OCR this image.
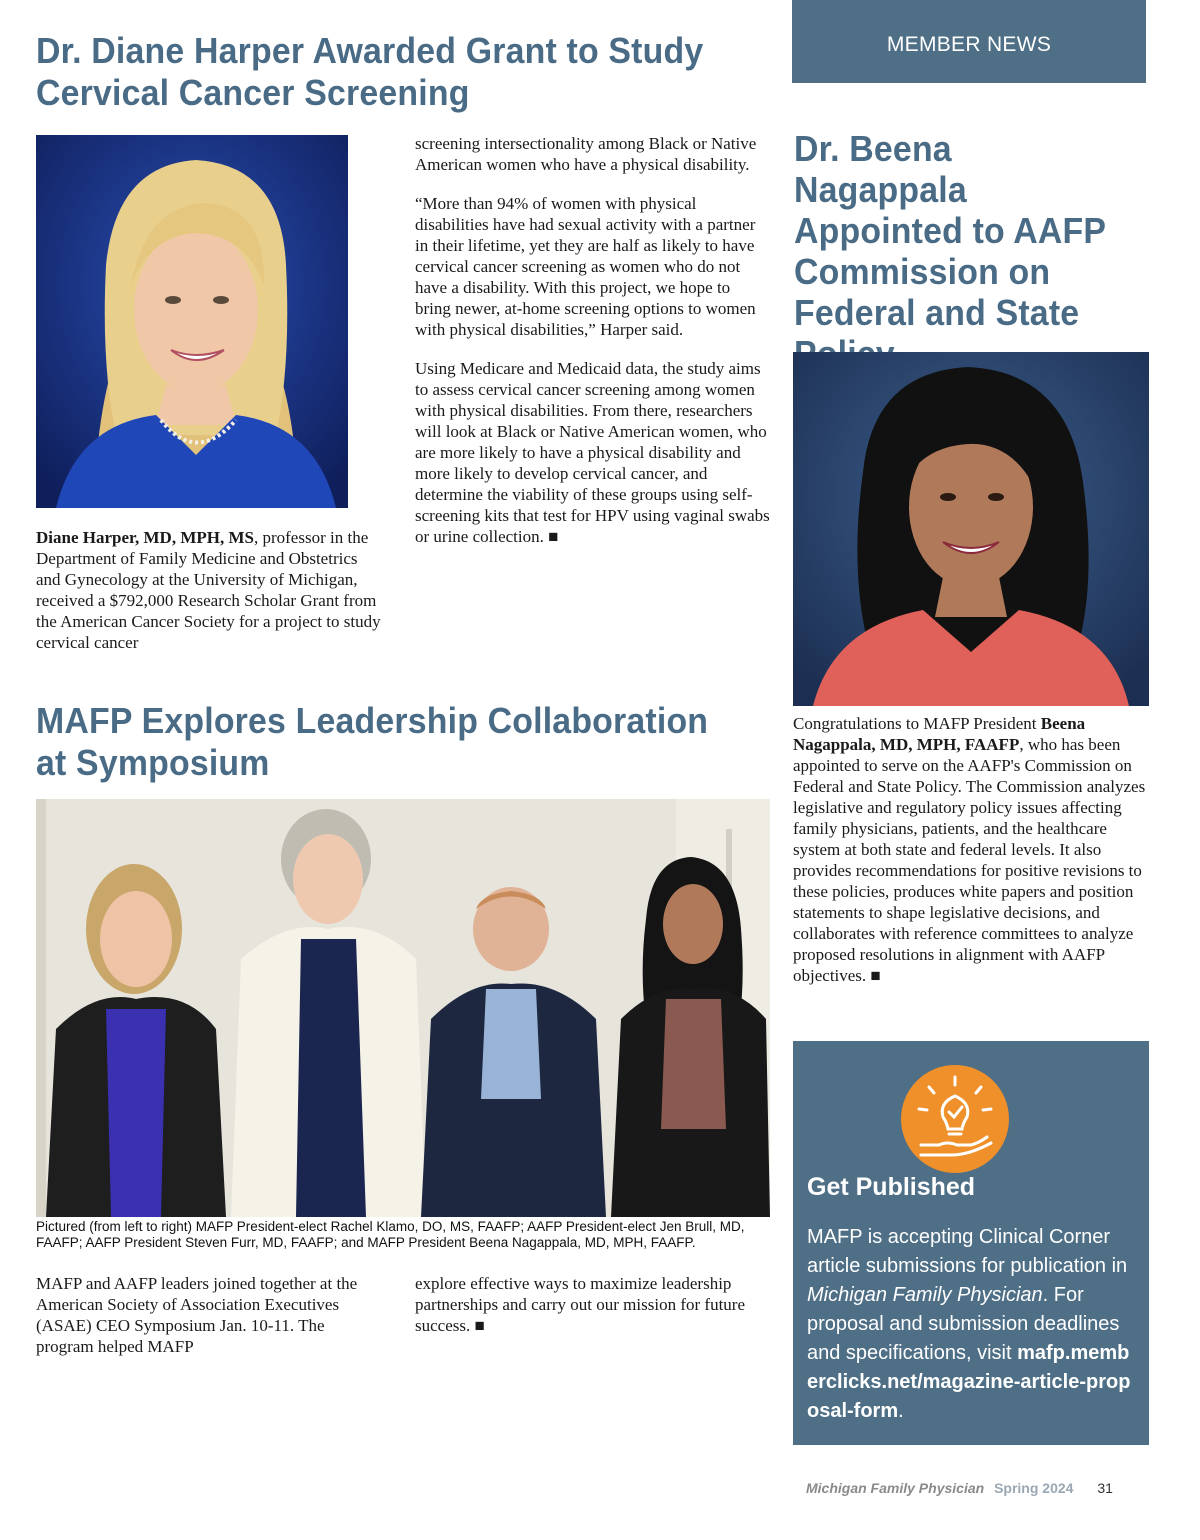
Dr. Diane Harper Awarded Grant to Study Cervical Cancer Screening
Diane Harper, MD, MPH, MS, professor in the Department of Family Medicine and Obstetrics and Gynecology at the University of Michigan, received a $792,000 Research Scholar Grant from the American Cancer Society for a project to study cervical cancer

screening intersectionality among Black or Native American women who have a physical disability.

“More than 94% of women with physical disabilities have had sexual activity with a partner in their lifetime, yet they are half as likely to have cervical cancer screening as women who do not have a disability. With this project, we hope to bring newer, at-home screening options to women with physical disabilities,” Harper said.

Using Medicare and Medicaid data, the study aims to assess cervical cancer screening among women with physical disabilities. From there, researchers will look at Black or Native American women, who are more likely to have a physical disability and more likely to develop cervical cancer, and determine the viability of these groups using self-screening kits that test for HPV using vaginal swabs or urine collection. ■

MEMBER NEWS
Dr. Beena Nagappala Appointed to AAFP Commission on Federal and State
Congratulations to MAFP President Beena Nagappala, MD, MPH, FAAFP, who has been appointed to serve on the AAFP's Commission on Federal and State Policy. The Commission analyzes legislative and regulatory policy issues affecting family physicians, patients, and the healthcare system at both state and federal levels. It also provides recommendations for positive revisions to these policies, produces white papers and position statements to shape legislative decisions, and collaborates with reference committees to analyze proposed resolutions in alignment with AAFP objectives. ■
MAFP Explores Leadership Collaboration at Symposium
Pictured (from left to right) MAFP President-elect Rachel Klamo, DO, MS, FAAFP; AAFP President-elect Jen Brull, MD, FAAFP; AAFP President Steven Furr, MD, FAAFP; and MAFP President Beena Nagappala, MD, MPH, FAAFP.
MAFP and AAFP leaders joined together at the American Society of Association Executives (ASAE) CEO Symposium Jan. 10-11. The program helped MAFP
explore effective ways to maximize leadership partnerships and carry out our mission for future success. ■
Get Published
MAFP is accepting Clinical Corner article submissions for publication in Michigan Family Physician. For proposal and submission deadlines and specifications, visit mafp.memberclicks.net/magazine-article-proposal-form.
Michigan Family Physician Spring 2024 31
